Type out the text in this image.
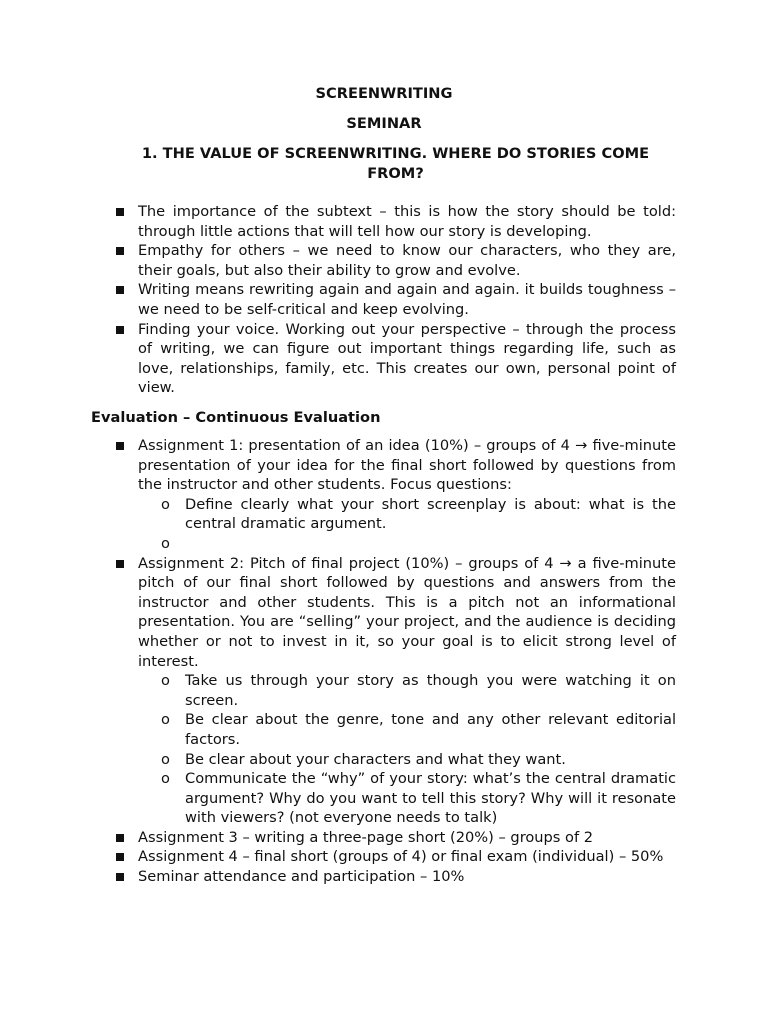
SCREENWRITING
SEMINAR
1. THE VALUE OF SCREENWRITING. WHERE DO STORIES COME FROM?
The importance of the subtext – this is how the story should be told: through little actions that will tell how our story is developing.
Empathy for others – we need to know our characters, who they are, their goals, but also their ability to grow and evolve.
Writing means rewriting again and again and again. it builds toughness – we need to be self-critical and keep evolving.
Finding your voice. Working out your perspective – through the process of writing, we can figure out important things regarding life, such as love, relationships, family, etc. This creates our own, personal point of view.
Evaluation – Continuous Evaluation
Assignment 1: presentation of an idea (10%) – groups of 4 → five-minute presentation of your idea for the final short followed by questions from the instructor and other students. Focus questions:
o Define clearly what your short screenplay is about: what is the central dramatic argument.
o
Assignment 2: Pitch of final project (10%) – groups of 4 → a five-minute pitch of our final short followed by questions and answers from the instructor and other students. This is a pitch not an informational presentation. You are “selling” your project, and the audience is deciding whether or not to invest in it, so your goal is to elicit strong level of interest.
o Take us through your story as though you were watching it on screen.
o Be clear about the genre, tone and any other relevant editorial factors.
o Be clear about your characters and what they want.
o Communicate the “why” of your story: what’s the central dramatic argument? Why do you want to tell this story? Why will it resonate with viewers? (not everyone needs to talk)
Assignment 3 – writing a three-page short (20%) – groups of 2
Assignment 4 – final short (groups of 4) or final exam (individual) – 50%
Seminar attendance and participation – 10%
